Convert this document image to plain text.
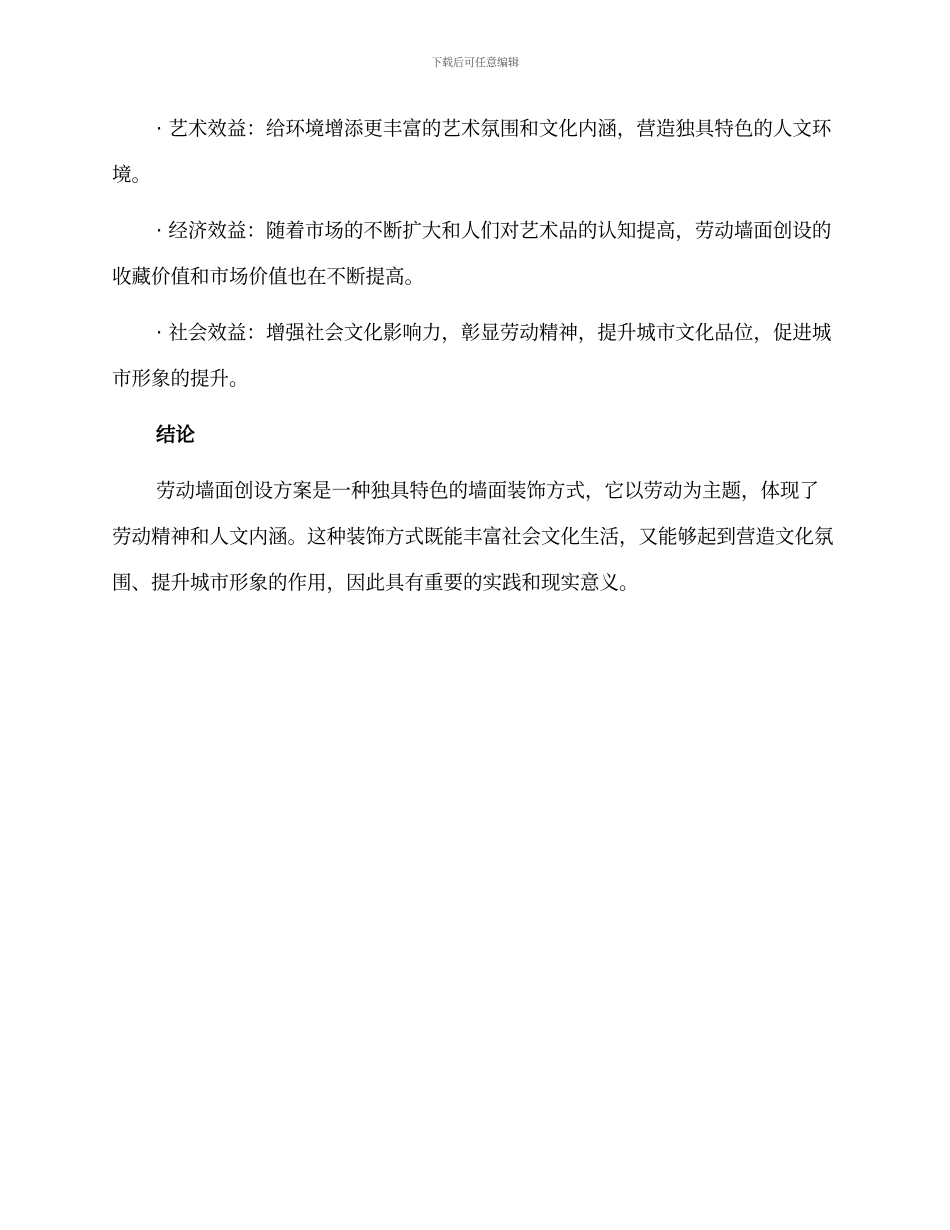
下载后可任意编辑

· 艺术效益：给环境增添更丰富的艺术氛围和文化内涵，营造独具特色的人文环境。

· 经济效益：随着市场的不断扩大和人们对艺术品的认知提高，劳动墙面创设的收藏价值和市场价值也在不断提高。

· 社会效益：增强社会文化影响力，彰显劳动精神，提升城市文化品位，促进城市形象的提升。

结论

劳动墙面创设方案是一种独具特色的墙面装饰方式，它以劳动为主题，体现了劳动精神和人文内涵。这种装饰方式既能丰富社会文化生活，又能够起到营造文化氛围、提升城市形象的作用，因此具有重要的实践和现实意义。
